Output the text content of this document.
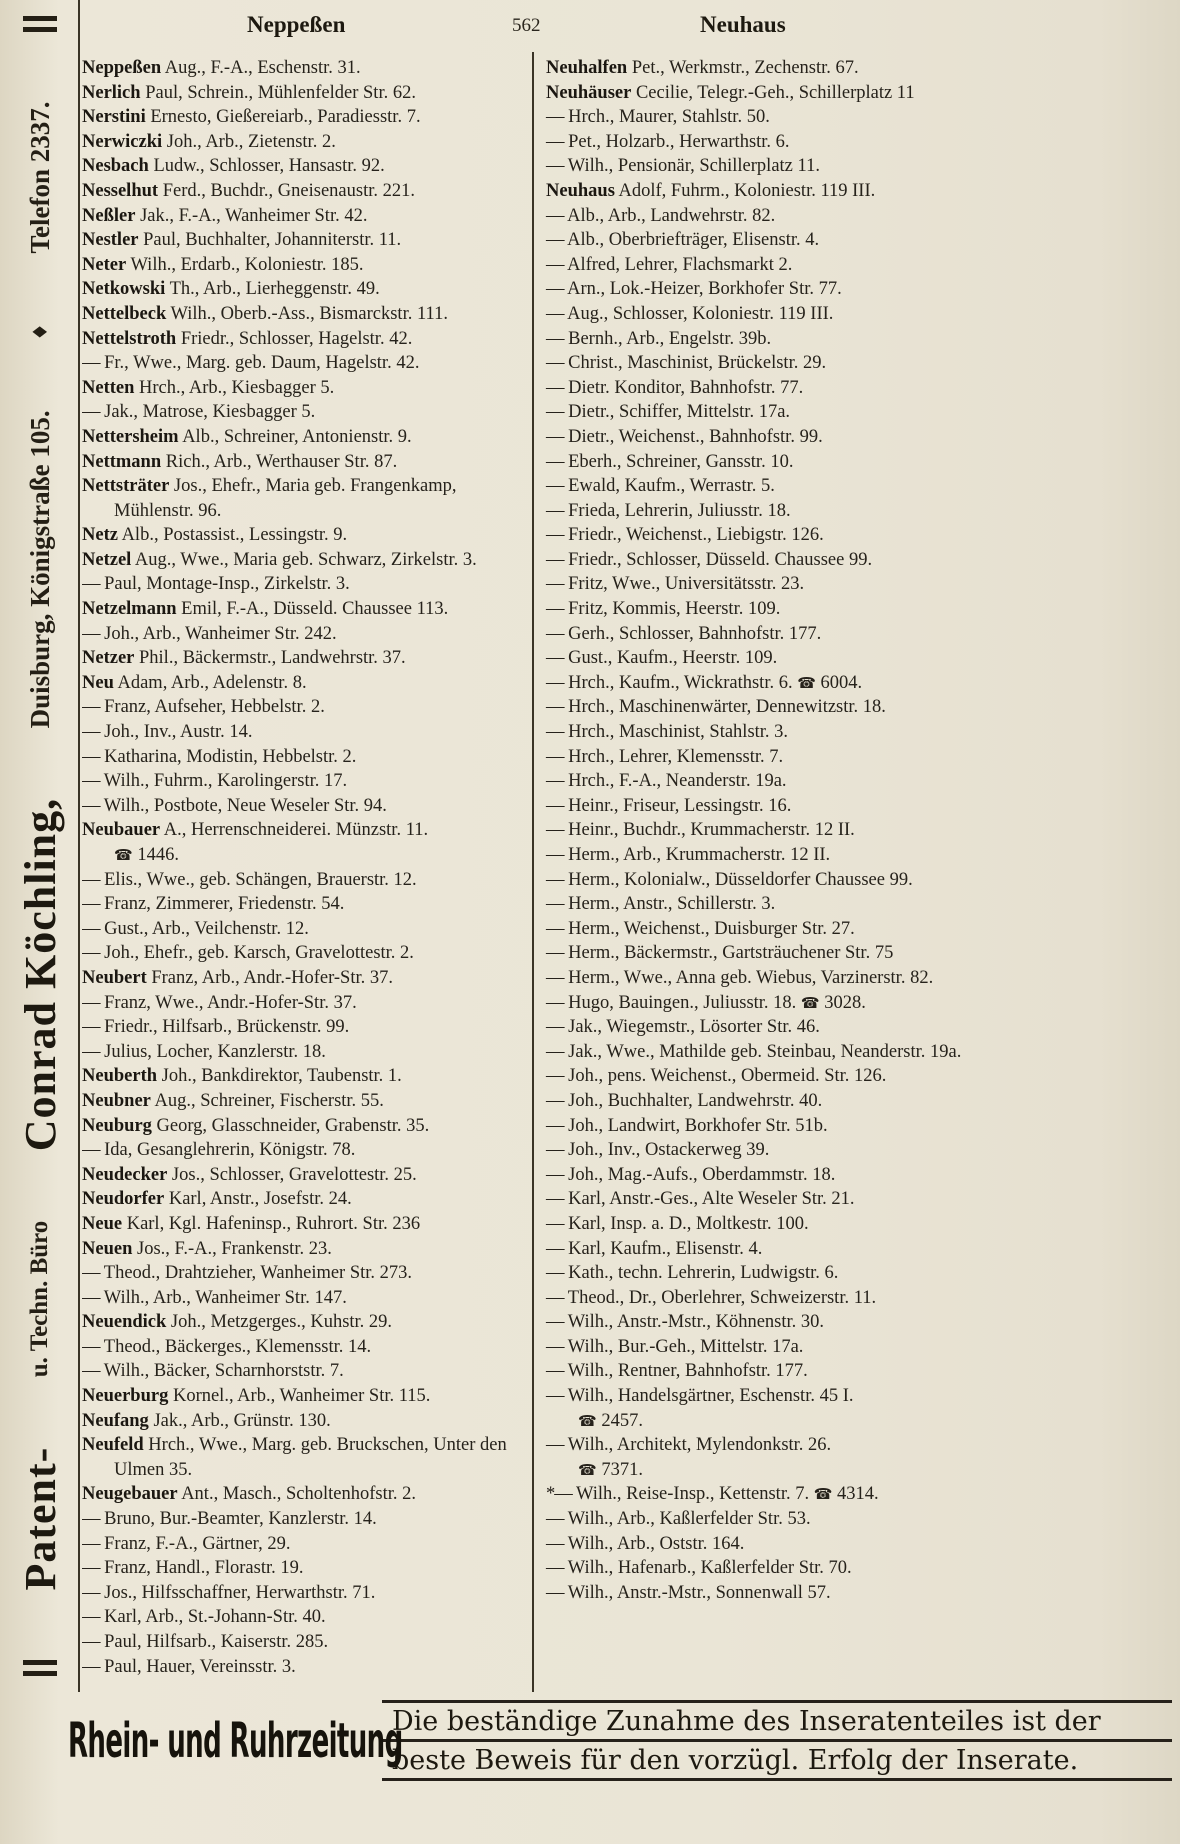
Patent-
u. Techn. Büro
Conrad Köchling,
Duisburg, Königstraße 105.
♦
Telefon 2337.
Neppeßen	562	Neuhaus
Neppeßen Aug., F.-A., Eschenstr. 31.
Nerlich Paul, Schrein., Mühlenfelder Str. 62.
Nerstini Ernesto, Gießereiarb., Paradiesstr. 7.
Nerwiczki Joh., Arb., Zietenstr. 2.
Nesbach Ludw., Schlosser, Hansastr. 92.
Nesselhut Ferd., Buchdr., Gneisenaustr. 221.
Neßler Jak., F.-A., Wanheimer Str. 42.
Nestler Paul, Buchhalter, Johanniterstr. 11.
Neter Wilh., Erdarb., Koloniestr. 185.
Netkowski Th., Arb., Lierheggenstr. 49.
Nettelbeck Wilh., Oberb.-Ass., Bismarckstr. 111.
Nettelstroth Friedr., Schlosser, Hagelstr. 42.
— Fr., Wwe., Marg. geb. Daum, Hagelstr. 42.
Netten Hrch., Arb., Kiesbagger 5.
— Jak., Matrose, Kiesbagger 5.
Nettersheim Alb., Schreiner, Antonienstr. 9.
Nettmann Rich., Arb., Werthauser Str. 87.
Nettsträter Jos., Ehefr., Maria geb. Frangenkamp, Mühlenstr. 96.
Netz Alb., Postassist., Lessingstr. 9.
Netzel Aug., Wwe., Maria geb. Schwarz, Zirkelstr. 3.
— Paul, Montage-Insp., Zirkelstr. 3.
Netzelmann Emil, F.-A., Düsseld. Chaussee 113.
— Joh., Arb., Wanheimer Str. 242.
Netzer Phil., Bäckermstr., Landwehrstr. 37.
Neu Adam, Arb., Adelenstr. 8.
— Franz, Aufseher, Hebbelstr. 2.
— Joh., Inv., Austr. 14.
— Katharina, Modistin, Hebbelstr. 2.
— Wilh., Fuhrm., Karolingerstr. 17.
— Wilh., Postbote, Neue Weseler Str. 94.
Neubauer A., Herrenschneiderei. Münzstr. 11.
☎ 1446.
— Elis., Wwe., geb. Schängen, Brauerstr. 12.
— Franz, Zimmerer, Friedenstr. 54.
— Gust., Arb., Veilchenstr. 12.
— Joh., Ehefr., geb. Karsch, Gravelottestr. 2.
Neubert Franz, Arb., Andr.-Hofer-Str. 37.
— Franz, Wwe., Andr.-Hofer-Str. 37.
— Friedr., Hilfsarb., Brückenstr. 99.
— Julius, Locher, Kanzlerstr. 18.
Neuberth Joh., Bankdirektor, Taubenstr. 1.
Neubner Aug., Schreiner, Fischerstr. 55.
Neuburg Georg, Glasschneider, Grabenstr. 35.
— Ida, Gesanglehrerin, Königstr. 78.
Neudecker Jos., Schlosser, Gravelottestr. 25.
Neudorfer Karl, Anstr., Josefstr. 24.
Neue Karl, Kgl. Hafeninsp., Ruhrort. Str. 236
Neuen Jos., F.-A., Frankenstr. 23.
— Theod., Drahtzieher, Wanheimer Str. 273.
— Wilh., Arb., Wanheimer Str. 147.
Neuendick Joh., Metzgerges., Kuhstr. 29.
— Theod., Bäckerges., Klemensstr. 14.
— Wilh., Bäcker, Scharnhorststr. 7.
Neuerburg Kornel., Arb., Wanheimer Str. 115.
Neufang Jak., Arb., Grünstr. 130.
Neufeld Hrch., Wwe., Marg. geb. Bruckschen, Unter den Ulmen 35.
Neugebauer Ant., Masch., Scholtenhofstr. 2.
— Bruno, Bur.-Beamter, Kanzlerstr. 14.
— Franz, F.-A., Gärtner, 29.
— Franz, Handl., Florastr. 19.
— Jos., Hilfsschaffner, Herwarthstr. 71.
— Karl, Arb., St.-Johann-Str. 40.
— Paul, Hilfsarb., Kaiserstr. 285.
— Paul, Hauer, Vereinsstr. 3.
Neuhalfen Pet., Werkmstr., Zechenstr. 67.
Neuhäuser Cecilie, Telegr.-Geh., Schillerplatz 11
— Hrch., Maurer, Stahlstr. 50.
— Pet., Holzarb., Herwarthstr. 6.
— Wilh., Pensionär, Schillerplatz 11.
Neuhaus Adolf, Fuhrm., Koloniestr. 119 III.
— Alb., Arb., Landwehrstr. 82.
— Alb., Oberbriefträger, Elisenstr. 4.
— Alfred, Lehrer, Flachsmarkt 2.
— Arn., Lok.-Heizer, Borkhofer Str. 77.
— Aug., Schlosser, Koloniestr. 119 III.
— Bernh., Arb., Engelstr. 39b.
— Christ., Maschinist, Brückelstr. 29.
— Dietr. Konditor, Bahnhofstr. 77.
— Dietr., Schiffer, Mittelstr. 17a.
— Dietr., Weichenst., Bahnhofstr. 99.
— Eberh., Schreiner, Gansstr. 10.
— Ewald, Kaufm., Werrastr. 5.
— Frieda, Lehrerin, Juliusstr. 18.
— Friedr., Weichenst., Liebigstr. 126.
— Friedr., Schlosser, Düsseld. Chaussee 99.
— Fritz, Wwe., Universitätsstr. 23.
— Fritz, Kommis, Heerstr. 109.
— Gerh., Schlosser, Bahnhofstr. 177.
— Gust., Kaufm., Heerstr. 109.
— Hrch., Kaufm., Wickrathstr. 6. ☎ 6004.
— Hrch., Maschinenwärter, Dennewitzstr. 18.
— Hrch., Maschinist, Stahlstr. 3.
— Hrch., Lehrer, Klemensstr. 7.
— Hrch., F.-A., Neanderstr. 19a.
— Heinr., Friseur, Lessingstr. 16.
— Heinr., Buchdr., Krummacherstr. 12 II.
— Herm., Arb., Krummacherstr. 12 II.
— Herm., Kolonialw., Düsseldorfer Chaussee 99.
— Herm., Anstr., Schillerstr. 3.
— Herm., Weichenst., Duisburger Str. 27.
— Herm., Bäckermstr., Gartsträuchener Str. 75
— Herm., Wwe., Anna geb. Wiebus, Varzinerstr. 82.
— Hugo, Bauingen., Juliusstr. 18. ☎ 3028.
— Jak., Wiegemstr., Lösorter Str. 46.
— Jak., Wwe., Mathilde geb. Steinbau, Neanderstr. 19a.
— Joh., pens. Weichenst., Obermeid. Str. 126.
— Joh., Buchhalter, Landwehrstr. 40.
— Joh., Landwirt, Borkhofer Str. 51b.
— Joh., Inv., Ostackerweg 39.
— Joh., Mag.-Aufs., Oberdammstr. 18.
— Karl, Anstr.-Ges., Alte Weseler Str. 21.
— Karl, Insp. a. D., Moltkestr. 100.
— Karl, Kaufm., Elisenstr. 4.
— Kath., techn. Lehrerin, Ludwigstr. 6.
— Theod., Dr., Oberlehrer, Schweizerstr. 11.
— Wilh., Anstr.-Mstr., Köhnenstr. 30.
— Wilh., Bur.-Geh., Mittelstr. 17a.
— Wilh., Rentner, Bahnhofstr. 177.
— Wilh., Handelsgärtner, Eschenstr. 45 I.
☎ 2457.
— Wilh., Architekt, Mylendonkstr. 26.
☎ 7371.
*— Wilh., Reise-Insp., Kettenstr. 7. ☎ 4314.
— Wilh., Arb., Kaßlerfelder Str. 53.
— Wilh., Arb., Oststr. 164.
— Wilh., Hafenarb., Kaßlerfelder Str. 70.
— Wilh., Anstr.-Mstr., Sonnenwall 57.
Rhein- und Ruhrzeitung
Die beständige Zunahme des Inseratenteiles ist der
beste Beweis für den vorzügl. Erfolg der Inserate.
